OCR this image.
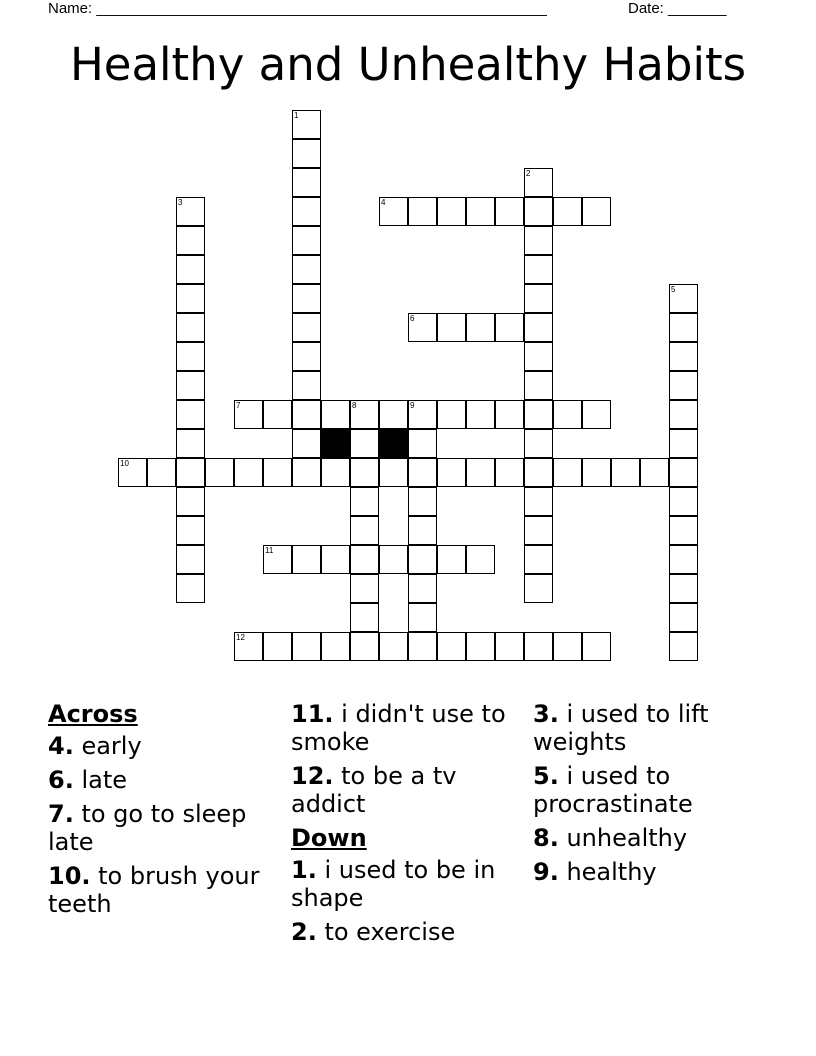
Name: ______________________________________________________	Date: _______
Healthy and Unhealthy Habits
1
2
3	4
5
6
7	8	9
10
11
12
Across
4. early
6. late
7. to go to sleep late
10. to brush your teeth
11. i didn't use to smoke
12. to be a tv addict
Down
1. i used to be in shape
2. to exercise
3. i used to lift weights
5. i used to procrastinate
8. unhealthy
9. healthy
